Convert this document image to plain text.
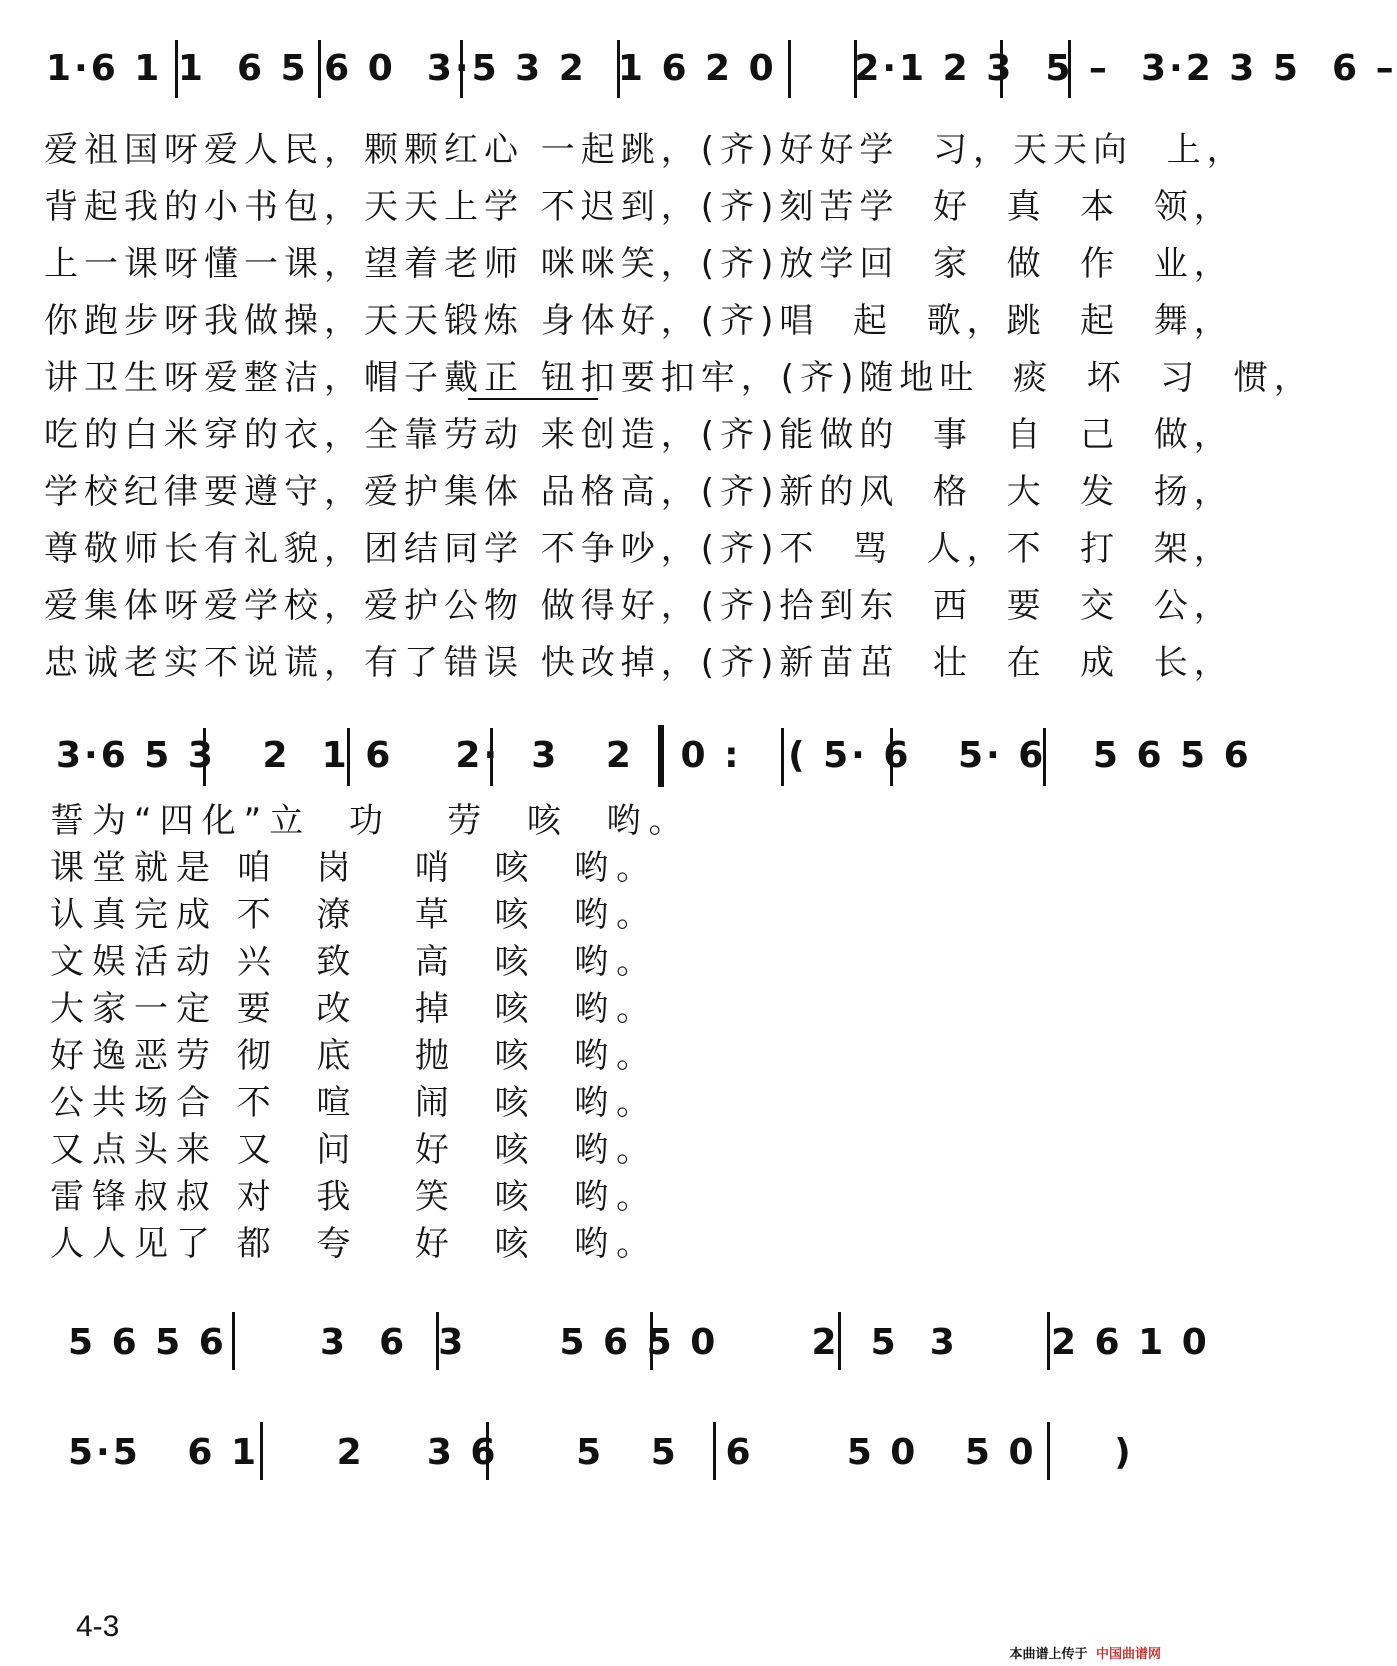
1·6 1 1  6 5 6 0  3·5 3 2  1 6 2 0     2·1 2 3  5 –  3·2 3 5  6 –
爱祖国呀爱人民，颗颗红心 一起跳，(齐)好好学  习，天天向  上，
背起我的小书包，天天上学 不迟到，(齐)刻苦学  好  真  本  领，
上一课呀懂一课，望着老师 咪咪笑，(齐)放学回  家  做  作  业，
你跑步呀我做操，天天锻炼 身体好，(齐)唱  起  歌，跳  起  舞，
讲卫生呀爱整洁，帽子戴正 钮扣要扣牢，(齐)随地吐  痰  坏  习  惯，
吃的白米穿的衣，全靠劳动 来创造，(齐)能做的  事  自  己  做，
学校纪律要遵守，爱护集体 品格高，(齐)新的风  格  大  发  扬，
尊敬师长有礼貌，团结同学 不争吵，(齐)不  骂  人，不  打  架，
爱集体呀爱学校，爱护公物 做得好，(齐)拾到东  西  要  交  公，
忠诚老实不说谎，有了错误 快改掉，(齐)新苗茁  壮  在  成  长，
3·6 5 3   2  1 6    2·  3   2   0 :   ( 5· 6   5· 6   5 6 5 6
誓为“四化”立  功   劳  咳  哟。
课堂就是 咱  岗   哨  咳  哟。
认真完成 不  潦   草  咳  哟。
文娱活动 兴  致   高  咳  哟。
大家一定 要  改   掉  咳  哟。
好逸恶劳 彻  底   抛  咳  哟。
公共场合 不  喧   闹  咳  哟。
又点头来 又  问   好  咳  哟。
雷锋叔叔 对  我   笑  咳  哟。
人人见了 都  夸   好  咳  哟。
5 6 5 6      3  6  3      5 6 5 0      2  5  3      2 6 1 0
5·5   6 1     2    3 6     5   5   6      5 0   5 0     )
4-3
本曲谱上传于 中国曲谱网
